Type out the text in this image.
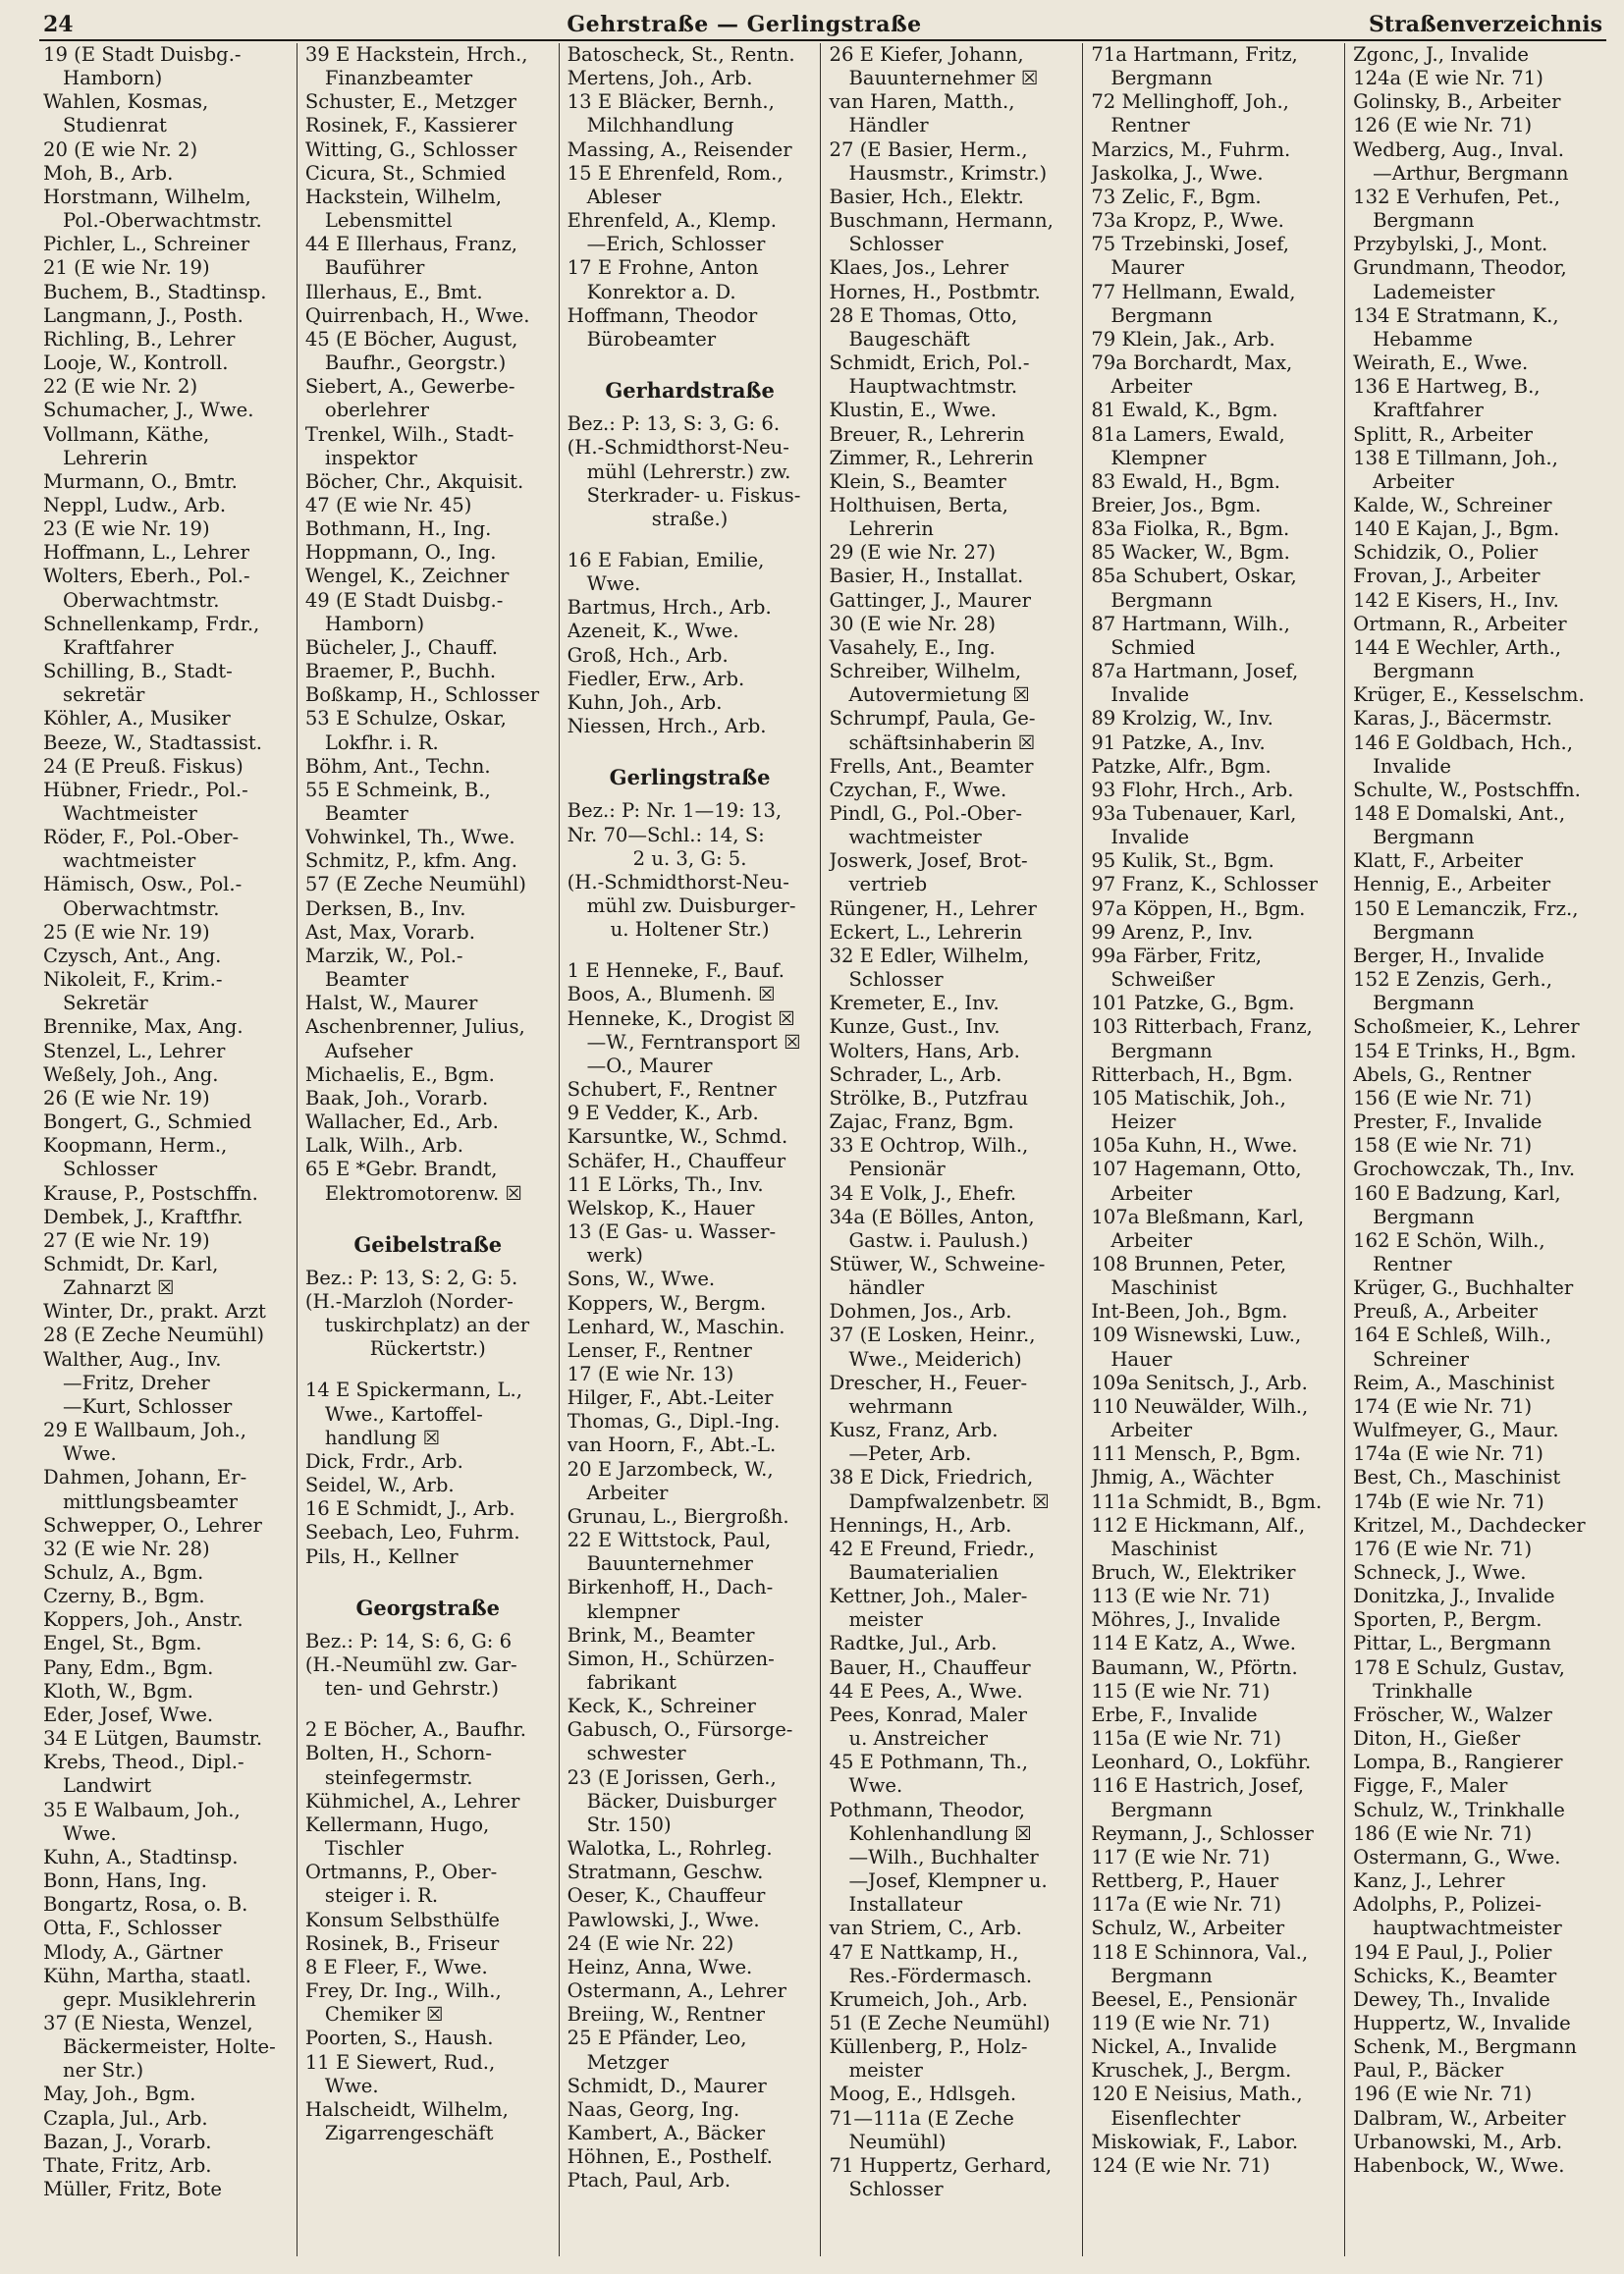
24	Gehrstraße — Gerlingstraße	Straßenverzeichnis
19 (E Stadt Duisbg.-
Hamborn)
Wahlen, Kosmas,
Studienrat
20 (E wie Nr. 2)
Moh, B., Arb.
Horstmann, Wilhelm,
Pol.-Oberwachtmstr.
Pichler, L., Schreiner
21 (E wie Nr. 19)
Buchem, B., Stadtinsp.
Langmann, J., Posth.
Richling, B., Lehrer
Looje, W., Kontroll.
22 (E wie Nr. 2)
Schumacher, J., Wwe.
Vollmann, Käthe,
Lehrerin
Murmann, O., Bmtr.
Neppl, Ludw., Arb.
23 (E wie Nr. 19)
Hoffmann, L., Lehrer
Wolters, Eberh., Pol.-
Oberwachtmstr.
Schnellenkamp, Frdr.,
Kraftfahrer
Schilling, B., Stadt-
sekretär
Köhler, A., Musiker
Beeze, W., Stadtassist.
24 (E Preuß. Fiskus)
Hübner, Friedr., Pol.-
Wachtmeister
Röder, F., Pol.-Ober-
wachtmeister
Hämisch, Osw., Pol.-
Oberwachtmstr.
25 (E wie Nr. 19)
Czysch, Ant., Ang.
Nikoleit, F., Krim.-
Sekretär
Brennike, Max, Ang.
Stenzel, L., Lehrer
Weßely, Joh., Ang.
26 (E wie Nr. 19)
Bongert, G., Schmied
Koopmann, Herm.,
Schlosser
Krause, P., Postschffn.
Dembek, J., Kraftfhr.
27 (E wie Nr. 19)
Schmidt, Dr. Karl,
Zahnarzt ☒
Winter, Dr., prakt. Arzt
28 (E Zeche Neumühl)
Walther, Aug., Inv.
—Fritz, Dreher
—Kurt, Schlosser
29 E Wallbaum, Joh.,
Wwe.
Dahmen, Johann, Er-
mittlungsbeamter
Schwepper, O., Lehrer
32 (E wie Nr. 28)
Schulz, A., Bgm.
Czerny, B., Bgm.
Koppers, Joh., Anstr.
Engel, St., Bgm.
Pany, Edm., Bgm.
Kloth, W., Bgm.
Eder, Josef, Wwe.
34 E Lütgen, Baumstr.
Krebs, Theod., Dipl.-
Landwirt
35 E Walbaum, Joh.,
Wwe.
Kuhn, A., Stadtinsp.
Bonn, Hans, Ing.
Bongartz, Rosa, o. B.
Otta, F., Schlosser
Mlody, A., Gärtner
Kühn, Martha, staatl.
gepr. Musiklehrerin
37 (E Niesta, Wenzel,
Bäckermeister, Holte-
ner Str.)
May, Joh., Bgm.
Czapla, Jul., Arb.
Bazan, J., Vorarb.
Thate, Fritz, Arb.
Müller, Fritz, Bote
39 E Hackstein, Hrch.,
Finanzbeamter
Schuster, E., Metzger
Rosinek, F., Kassierer
Witting, G., Schlosser
Cicura, St., Schmied
Hackstein, Wilhelm,
Lebensmittel
44 E Illerhaus, Franz,
Bauführer
Illerhaus, E., Bmt.
Quirrenbach, H., Wwe.
45 (E Böcher, August,
Baufhr., Georgstr.)
Siebert, A., Gewerbe-
oberlehrer
Trenkel, Wilh., Stadt-
inspektor
Böcher, Chr., Akquisit.
47 (E wie Nr. 45)
Bothmann, H., Ing.
Hoppmann, O., Ing.
Wengel, K., Zeichner
49 (E Stadt Duisbg.-
Hamborn)
Bücheler, J., Chauff.
Braemer, P., Buchh.
Boßkamp, H., Schlosser
53 E Schulze, Oskar,
Lokfhr. i. R.
Böhm, Ant., Techn.
55 E Schmeink, B.,
Beamter
Vohwinkel, Th., Wwe.
Schmitz, P., kfm. Ang.
57 (E Zeche Neumühl)
Derksen, B., Inv.
Ast, Max, Vorarb.
Marzik, W., Pol.-
Beamter
Halst, W., Maurer
Aschenbrenner, Julius,
Aufseher
Michaelis, E., Bgm.
Baak, Joh., Vorarb.
Wallacher, Ed., Arb.
Lalk, Wilh., Arb.
65 E *Gebr. Brandt,
Elektromotorenw. ☒
Geibelstraße
Bez.: P: 13, S: 2, G: 5.
(H.-Marzloh (Norder-
tuskirchplatz) an der
Rückertstr.)
14 E Spickermann, L.,
Wwe., Kartoffel-
handlung ☒
Dick, Frdr., Arb.
Seidel, W., Arb.
16 E Schmidt, J., Arb.
Seebach, Leo, Fuhrm.
Pils, H., Kellner
Georgstraße
Bez.: P: 14, S: 6, G: 6
(H.-Neumühl zw. Gar-
ten- und Gehrstr.)
2 E Böcher, A., Baufhr.
Bolten, H., Schorn-
steinfegermstr.
Kühmichel, A., Lehrer
Kellermann, Hugo,
Tischler
Ortmanns, P., Ober-
steiger i. R.
Konsum Selbsthülfe
Rosinek, B., Friseur
8 E Fleer, F., Wwe.
Frey, Dr. Ing., Wilh.,
Chemiker ☒
Poorten, S., Haush.
11 E Siewert, Rud.,
Wwe.
Halscheidt, Wilhelm,
Zigarrengeschäft
Batoscheck, St., Rentn.
Mertens, Joh., Arb.
13 E Bläcker, Bernh.,
Milchhandlung
Massing, A., Reisender
15 E Ehrenfeld, Rom.,
Ableser
Ehrenfeld, A., Klemp.
—Erich, Schlosser
17 E Frohne, Anton
Konrektor a. D.
Hoffmann, Theodor
Bürobeamter
Gerhardstraße
Bez.: P: 13, S: 3, G: 6.
(H.-Schmidthorst-Neu-
mühl (Lehrerstr.) zw.
Sterkrader- u. Fiskus-
straße.)
16 E Fabian, Emilie,
Wwe.
Bartmus, Hrch., Arb.
Azeneit, K., Wwe.
Groß, Hch., Arb.
Fiedler, Erw., Arb.
Kuhn, Joh., Arb.
Niessen, Hrch., Arb.
Gerlingstraße
Bez.: P: Nr. 1—19: 13,
Nr. 70—Schl.: 14, S:
2 u. 3, G: 5.
(H.-Schmidthorst-Neu-
mühl zw. Duisburger-
u. Holtener Str.)
1 E Henneke, F., Bauf.
Boos, A., Blumenh. ☒
Henneke, K., Drogist ☒
—W., Ferntransport ☒
—O., Maurer
Schubert, F., Rentner
9 E Vedder, K., Arb.
Karsuntke, W., Schmd.
Schäfer, H., Chauffeur
11 E Lörks, Th., Inv.
Welskop, K., Hauer
13 (E Gas- u. Wasser-
werk)
Sons, W., Wwe.
Koppers, W., Bergm.
Lenhard, W., Maschin.
Lenser, F., Rentner
17 (E wie Nr. 13)
Hilger, F., Abt.-Leiter
Thomas, G., Dipl.-Ing.
van Hoorn, F., Abt.-L.
20 E Jarzombeck, W.,
Arbeiter
Grunau, L., Biergroßh.
22 E Wittstock, Paul,
Bauunternehmer
Birkenhoff, H., Dach-
klempner
Brink, M., Beamter
Simon, H., Schürzen-
fabrikant
Keck, K., Schreiner
Gabusch, O., Fürsorge-
schwester
23 (E Jorissen, Gerh.,
Bäcker, Duisburger
Str. 150)
Walotka, L., Rohrleg.
Stratmann, Geschw.
Oeser, K., Chauffeur
Pawlowski, J., Wwe.
24 (E wie Nr. 22)
Heinz, Anna, Wwe.
Ostermann, A., Lehrer
Breiing, W., Rentner
25 E Pfänder, Leo,
Metzger
Schmidt, D., Maurer
Naas, Georg, Ing.
Kambert, A., Bäcker
Höhnen, E., Posthelf.
Ptach, Paul, Arb.
26 E Kiefer, Johann,
Bauunternehmer ☒
van Haren, Matth.,
Händler
27 (E Basier, Herm.,
Hausmstr., Krimstr.)
Basier, Hch., Elektr.
Buschmann, Hermann,
Schlosser
Klaes, Jos., Lehrer
Hornes, H., Postbmtr.
28 E Thomas, Otto,
Baugeschäft
Schmidt, Erich, Pol.-
Hauptwachtmstr.
Klustin, E., Wwe.
Breuer, R., Lehrerin
Zimmer, R., Lehrerin
Klein, S., Beamter
Holthuisen, Berta,
Lehrerin
29 (E wie Nr. 27)
Basier, H., Installat.
Gattinger, J., Maurer
30 (E wie Nr. 28)
Vasahely, E., Ing.
Schreiber, Wilhelm,
Autovermietung ☒
Schrumpf, Paula, Ge-
schäftsinhaberin ☒
Frells, Ant., Beamter
Czychan, F., Wwe.
Pindl, G., Pol.-Ober-
wachtmeister
Joswerk, Josef, Brot-
vertrieb
Rüngener, H., Lehrer
Eckert, L., Lehrerin
32 E Edler, Wilhelm,
Schlosser
Kremeter, E., Inv.
Kunze, Gust., Inv.
Wolters, Hans, Arb.
Schrader, L., Arb.
Strölke, B., Putzfrau
Zajac, Franz, Bgm.
33 E Ochtrop, Wilh.,
Pensionär
34 E Volk, J., Ehefr.
34a (E Bölles, Anton,
Gastw. i. Paulush.)
Stüwer, W., Schweine-
händler
Dohmen, Jos., Arb.
37 (E Losken, Heinr.,
Wwe., Meiderich)
Drescher, H., Feuer-
wehrmann
Kusz, Franz, Arb.
—Peter, Arb.
38 E Dick, Friedrich,
Dampfwalzenbetr. ☒
Hennings, H., Arb.
42 E Freund, Friedr.,
Baumaterialien
Kettner, Joh., Maler-
meister
Radtke, Jul., Arb.
Bauer, H., Chauffeur
44 E Pees, A., Wwe.
Pees, Konrad, Maler
u. Anstreicher
45 E Pothmann, Th.,
Wwe.
Pothmann, Theodor,
Kohlenhandlung ☒
—Wilh., Buchhalter
—Josef, Klempner u.
Installateur
van Striem, C., Arb.
47 E Nattkamp, H.,
Res.-Fördermasch.
Krumeich, Joh., Arb.
51 (E Zeche Neumühl)
Küllenberg, P., Holz-
meister
Moog, E., Hdlsgeh.
71—111a (E Zeche
Neumühl)
71 Huppertz, Gerhard,
Schlosser
71a Hartmann, Fritz,
Bergmann
72 Mellinghoff, Joh.,
Rentner
Marzics, M., Fuhrm.
Jaskolka, J., Wwe.
73 Zelic, F., Bgm.
73a Kropz, P., Wwe.
75 Trzebinski, Josef,
Maurer
77 Hellmann, Ewald,
Bergmann
79 Klein, Jak., Arb.
79a Borchardt, Max,
Arbeiter
81 Ewald, K., Bgm.
81a Lamers, Ewald,
Klempner
83 Ewald, H., Bgm.
Breier, Jos., Bgm.
83a Fiolka, R., Bgm.
85 Wacker, W., Bgm.
85a Schubert, Oskar,
Bergmann
87 Hartmann, Wilh.,
Schmied
87a Hartmann, Josef,
Invalide
89 Krolzig, W., Inv.
91 Patzke, A., Inv.
Patzke, Alfr., Bgm.
93 Flohr, Hrch., Arb.
93a Tubenauer, Karl,
Invalide
95 Kulik, St., Bgm.
97 Franz, K., Schlosser
97a Köppen, H., Bgm.
99 Arenz, P., Inv.
99a Färber, Fritz,
Schweißer
101 Patzke, G., Bgm.
103 Ritterbach, Franz,
Bergmann
Ritterbach, H., Bgm.
105 Matischik, Joh.,
Heizer
105a Kuhn, H., Wwe.
107 Hagemann, Otto,
Arbeiter
107a Bleßmann, Karl,
Arbeiter
108 Brunnen, Peter,
Maschinist
Int-Been, Joh., Bgm.
109 Wisnewski, Luw.,
Hauer
109a Senitsch, J., Arb.
110 Neuwälder, Wilh.,
Arbeiter
111 Mensch, P., Bgm.
Jhmig, A., Wächter
111a Schmidt, B., Bgm.
112 E Hickmann, Alf.,
Maschinist
Bruch, W., Elektriker
113 (E wie Nr. 71)
Möhres, J., Invalide
114 E Katz, A., Wwe.
Baumann, W., Pförtn.
115 (E wie Nr. 71)
Erbe, F., Invalide
115a (E wie Nr. 71)
Leonhard, O., Lokführ.
116 E Hastrich, Josef,
Bergmann
Reymann, J., Schlosser
117 (E wie Nr. 71)
Rettberg, P., Hauer
117a (E wie Nr. 71)
Schulz, W., Arbeiter
118 E Schinnora, Val.,
Bergmann
Beesel, E., Pensionär
119 (E wie Nr. 71)
Nickel, A., Invalide
Kruschek, J., Bergm.
120 E Neisius, Math.,
Eisenflechter
Miskowiak, F., Labor.
124 (E wie Nr. 71)
Zgonc, J., Invalide
124a (E wie Nr. 71)
Golinsky, B., Arbeiter
126 (E wie Nr. 71)
Wedberg, Aug., Inval.
—Arthur, Bergmann
132 E Verhufen, Pet.,
Bergmann
Przybylski, J., Mont.
Grundmann, Theodor,
Lademeister
134 E Stratmann, K.,
Hebamme
Weirath, E., Wwe.
136 E Hartweg, B.,
Kraftfahrer
Splitt, R., Arbeiter
138 E Tillmann, Joh.,
Arbeiter
Kalde, W., Schreiner
140 E Kajan, J., Bgm.
Schidzik, O., Polier
Frovan, J., Arbeiter
142 E Kisers, H., Inv.
Ortmann, R., Arbeiter
144 E Wechler, Arth.,
Bergmann
Krüger, E., Kesselschm.
Karas, J., Bäcermstr.
146 E Goldbach, Hch.,
Invalide
Schulte, W., Postschffn.
148 E Domalski, Ant.,
Bergmann
Klatt, F., Arbeiter
Hennig, E., Arbeiter
150 E Lemanczik, Frz.,
Bergmann
Berger, H., Invalide
152 E Zenzis, Gerh.,
Bergmann
Schoßmeier, K., Lehrer
154 E Trinks, H., Bgm.
Abels, G., Rentner
156 (E wie Nr. 71)
Prester, F., Invalide
158 (E wie Nr. 71)
Grochowczak, Th., Inv.
160 E Badzung, Karl,
Bergmann
162 E Schön, Wilh.,
Rentner
Krüger, G., Buchhalter
Preuß, A., Arbeiter
164 E Schleß, Wilh.,
Schreiner
Reim, A., Maschinist
174 (E wie Nr. 71)
Wulfmeyer, G., Maur.
174a (E wie Nr. 71)
Best, Ch., Maschinist
174b (E wie Nr. 71)
Kritzel, M., Dachdecker
176 (E wie Nr. 71)
Schneck, J., Wwe.
Donitzka, J., Invalide
Sporten, P., Bergm.
Pittar, L., Bergmann
178 E Schulz, Gustav,
Trinkhalle
Fröscher, W., Walzer
Diton, H., Gießer
Lompa, B., Rangierer
Figge, F., Maler
Schulz, W., Trinkhalle
186 (E wie Nr. 71)
Ostermann, G., Wwe.
Kanz, J., Lehrer
Adolphs, P., Polizei-
hauptwachtmeister
194 E Paul, J., Polier
Schicks, K., Beamter
Dewey, Th., Invalide
Huppertz, W., Invalide
Schenk, M., Bergmann
Paul, P., Bäcker
196 (E wie Nr. 71)
Dalbram, W., Arbeiter
Urbanowski, M., Arb.
Habenbock, W., Wwe.
